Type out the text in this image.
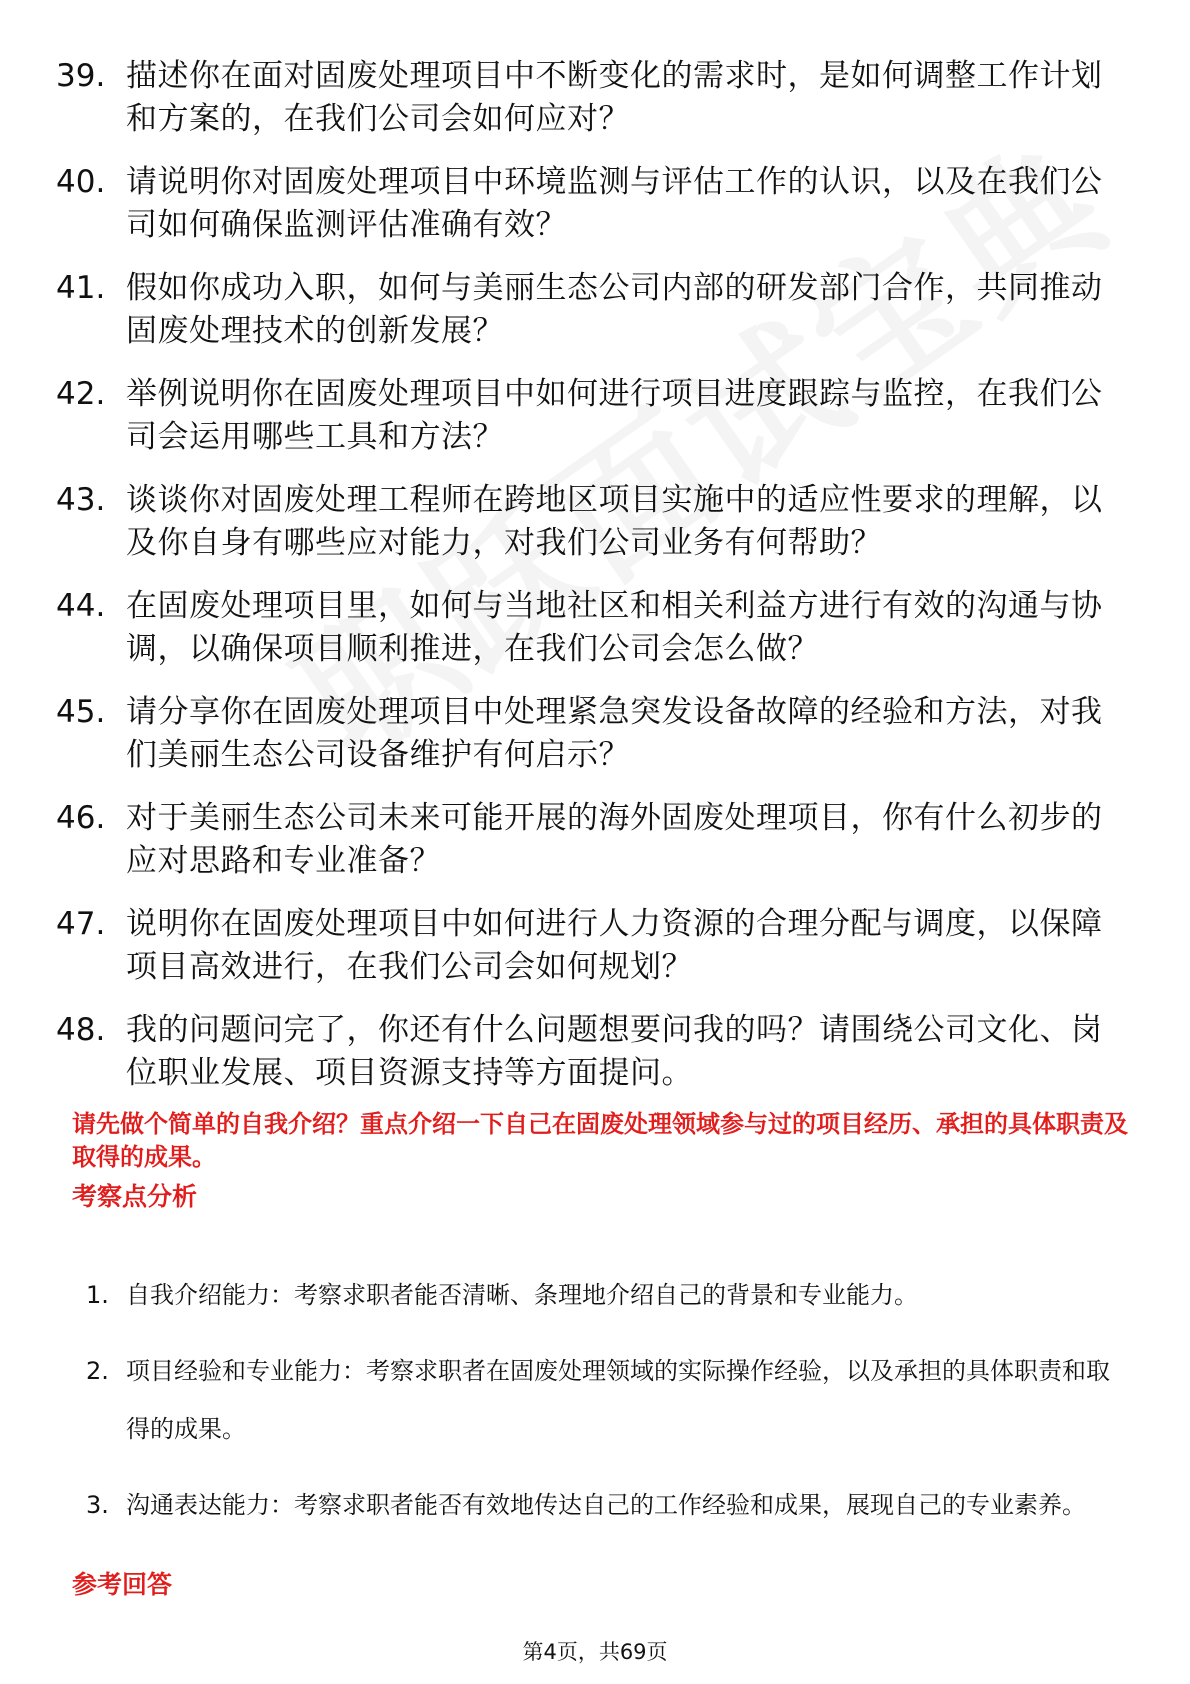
39. 描述你在面对固废处理项目中不断变化的需求时，是如何调整工作计划和方案的，在我们公司会如何应对？
40. 请说明你对固废处理项目中环境监测与评估工作的认识，以及在我们公司如何确保监测评估准确有效？
41. 假如你成功入职，如何与美丽生态公司内部的研发部门合作，共同推动固废处理技术的创新发展？
42. 举例说明你在固废处理项目中如何进行项目进度跟踪与监控，在我们公司会运用哪些工具和方法？
43. 谈谈你对固废处理工程师在跨地区项目实施中的适应性要求的理解，以及你自身有哪些应对能力，对我们公司业务有何帮助？
44. 在固废处理项目里，如何与当地社区和相关利益方进行有效的沟通与协调，以确保项目顺利推进，在我们公司会怎么做？
45. 请分享你在固废处理项目中处理紧急突发设备故障的经验和方法，对我们美丽生态公司设备维护有何启示？
46. 对于美丽生态公司未来可能开展的海外固废处理项目，你有什么初步的应对思路和专业准备？
47. 说明你在固废处理项目中如何进行人力资源的合理分配与调度，以保障项目高效进行，在我们公司会如何规划？
48. 我的问题问完了，你还有什么问题想要问我的吗？请围绕公司文化、岗位职业发展、项目资源支持等方面提问。
请先做个简单的自我介绍？重点介绍一下自己在固废处理领域参与过的项目经历、承担的具体职责及取得的成果。
考察点分析
1. 自我介绍能力：考察求职者能否清晰、条理地介绍自己的背景和专业能力。
2. 项目经验和专业能力：考察求职者在固废处理领域的实际操作经验，以及承担的具体职责和取得的成果。
3. 沟通表达能力：考察求职者能否有效地传达自己的工作经验和成果，展现自己的专业素养。
参考回答
第4页，共69页
